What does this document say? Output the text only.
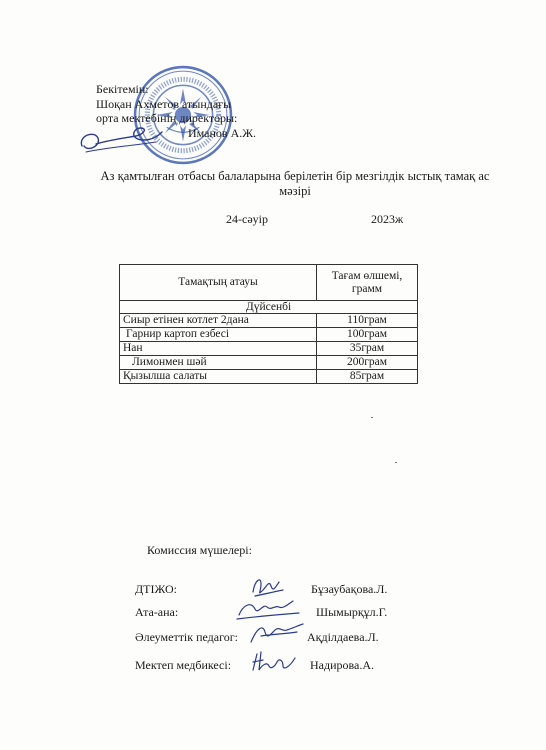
Бекітемін:
Шоқан Ахметов атындағы
орта мектебінің директоры:
Иманов А.Ж.
Аз қамтылған отбасы балаларына берілетін бір мезгілдік ыстық тамақ ас мәзірі
24-сәуір	2023ж
Тамақтың атауы	Тағам өлшемі, грамм
Дүйсенбі	
Сиыр етінен котлет 2дана	110грам
Гарнир картоп езбесі	100грам
Нан	35грам
Лимонмен шәй	200грам
Қызылша салаты	85грам
Комиссия мүшелері:
ДТІЖО:	Бұзаубақова.Л.
Ата-ана:	Шымырқұл.Г.
Әлеуметтік педагог:	Ақділдаева.Л.
Мектеп медбикесі:	Надирова.А.
